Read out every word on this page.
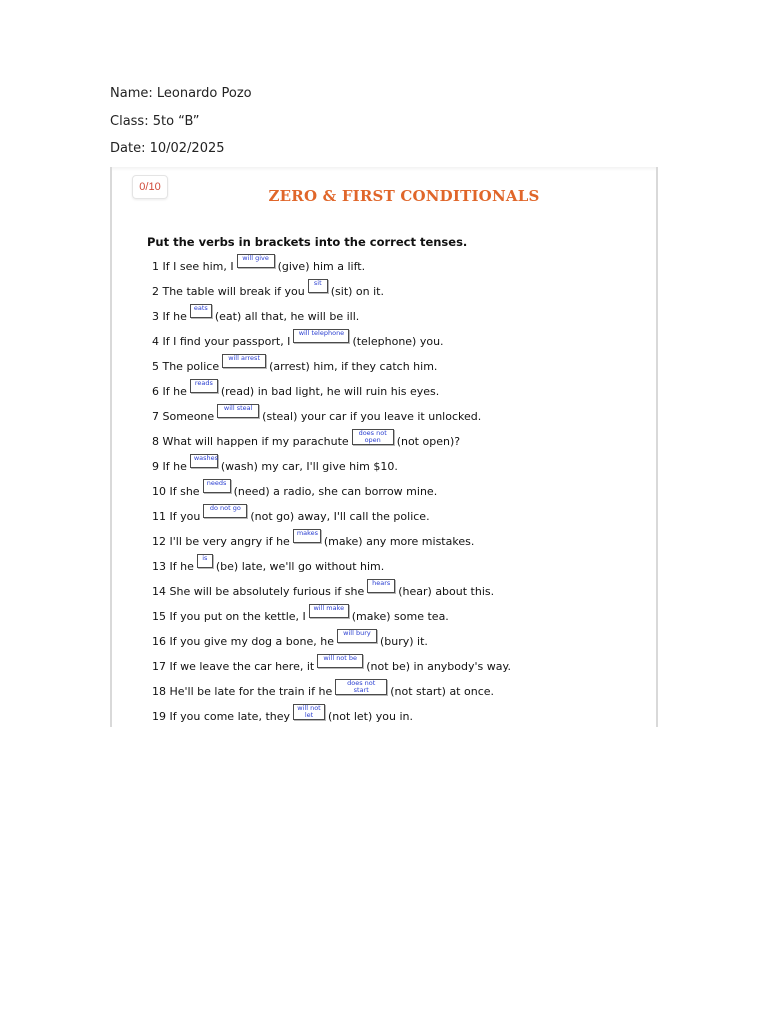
Name: Leonardo Pozo
Class: 5to “B”
Date: 10/02/2025
0/10	ZERO & FIRST CONDITIONALS
Put the verbs in brackets into the correct tenses.
1 If I see him, Iwill give(give) him a lift.
2 The table will break if yousit(sit) on it.
3 If heeats(eat) all that, he will be ill.
4 If I find your passport, Iwill telephone(telephone) you.
5 The policewill arrest(arrest) him, if they catch him.
6 If hereads(read) in bad light, he will ruin his eyes.
7 Someonewill steal(steal) your car if you leave it unlocked.
8 What will happen if my parachutedoes not open (not open)?
9 If hewashes(wash) my car, I'll give him $10.
10 If sheneeds(need) a radio, she can borrow mine.
11 If youdo not go(not go) away, I'll call the police.
12 I'll be very angry if hemakes(make) any more mistakes.
13 If heis(be) late, we'll go without him.
14 She will be absolutely furious if shehears(hear) about this.
15 If you put on the kettle, Iwill make(make) some tea.
16 If you give my dog a bone, hewill bury(bury) it.
17 If we leave the car here, itwill not be(not be) in anybody's way.
18 He'll be late for the train if hedoes not start (not start) at once.
19 If you come late, theywill not let (not let) you in.
